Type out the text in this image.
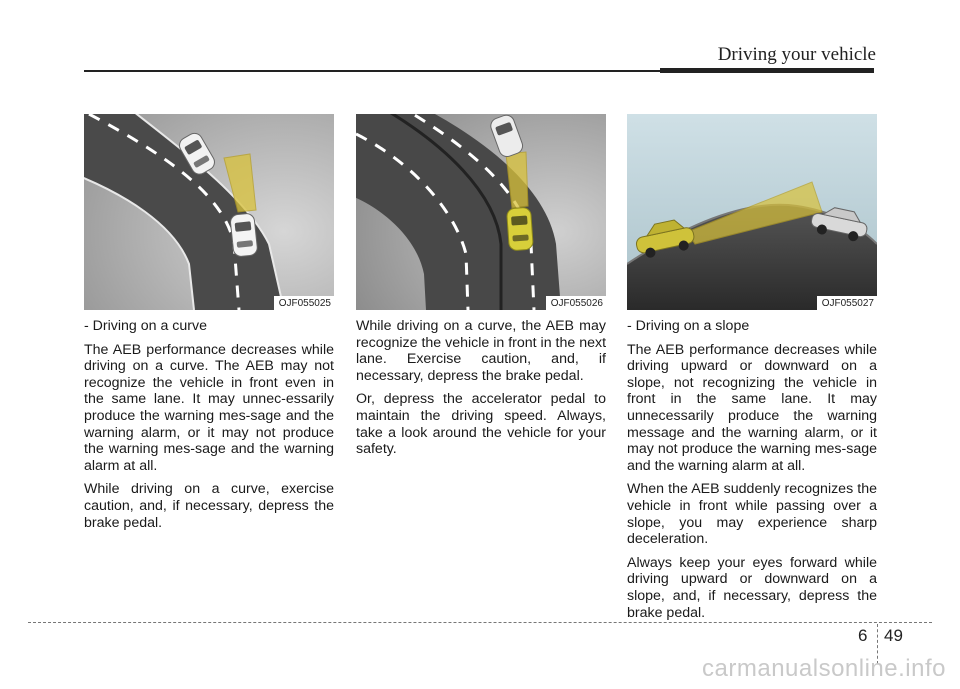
Driving your vehicle
OJF055025

- Driving on a curve

The AEB performance decreases while driving on a curve. The AEB may not recognize the vehicle in front even in the same lane. It may unnec-essarily produce the warning mes-sage and the warning alarm, or it may not produce the warning mes-sage and the warning alarm at all.

While driving on a curve, exercise caution, and, if necessary, depress the brake pedal.

OJF055026

While driving on a curve, the AEB may recognize the vehicle in front in the next lane. Exercise caution, and, if necessary, depress the brake pedal.

Or, depress the accelerator pedal to maintain the driving speed. Always, take a look around the vehicle for your safety.

OJF055027

- Driving on a slope

The AEB performance decreases while driving upward or downward on a slope, not recognizing the vehicle in front in the same lane. It may unnecessarily produce the warning message and the warning alarm, or it may not produce the warning mes-sage and the warning alarm at all.

When the AEB suddenly recognizes the vehicle in front while passing over a slope, you may experience sharp deceleration.

Always keep your eyes forward while driving upward or downward on a slope, and, if necessary, depress the brake pedal.

6 49
carmanualsonline.info
